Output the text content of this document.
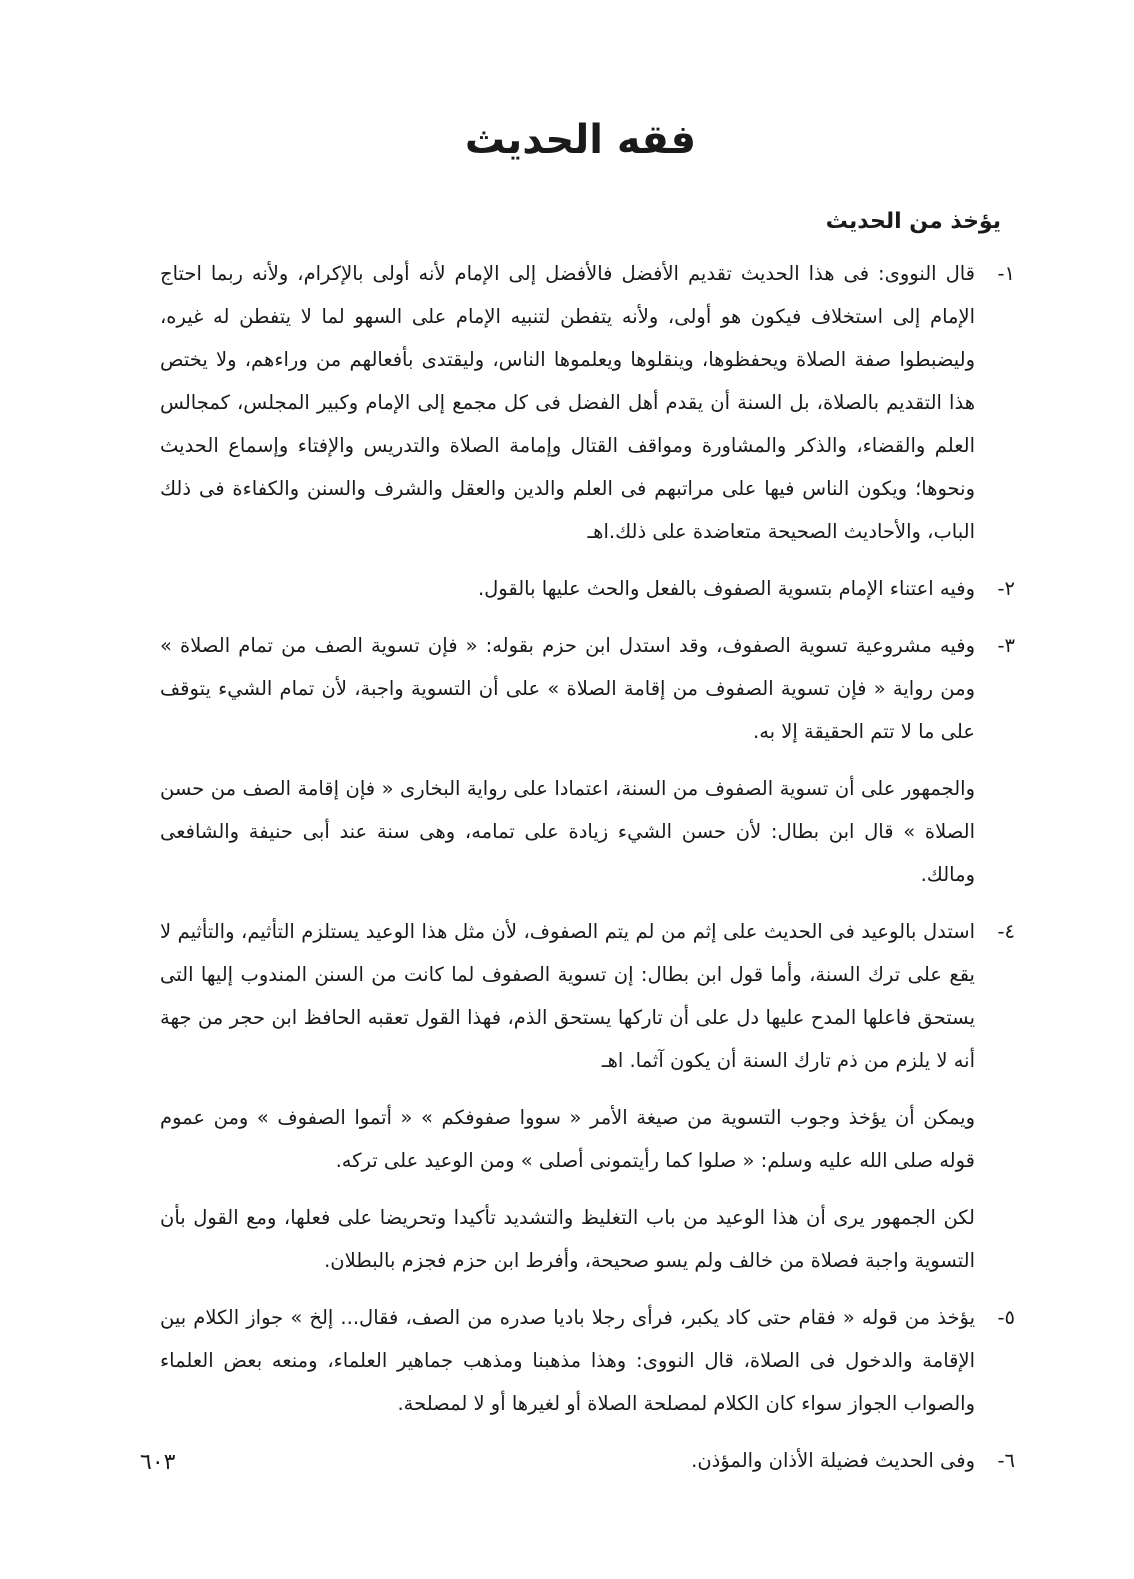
فقه الحديث
يؤخذ من الحديث
١-
قال النووى: فى هذا الحديث تقديم الأفضل فالأفضل إلى الإمام لأنه أولى بالإكرام، ولأنه ربما احتاج الإمام إلى استخلاف فيكون هو أولى، ولأنه يتفطن لتنبيه الإمام على السهو لما لا يتفطن له غيره، وليضبطوا صفة الصلاة ويحفظوها، وينقلوها ويعلموها الناس، وليقتدى بأفعالهم من وراءهم، ولا يختص هذا التقديم بالصلاة، بل السنة أن يقدم أهل الفضل فى كل مجمع إلى الإمام وكبير المجلس، كمجالس العلم والقضاء، والذكر والمشاورة ومواقف القتال وإمامة الصلاة والتدريس والإفتاء وإسماع الحديث ونحوها؛ ويكون الناس فيها على مراتبهم فى العلم والدين والعقل والشرف والسنن والكفاءة فى ذلك الباب، والأحاديث الصحيحة متعاضدة على ذلك.اهـ
٢-
وفيه اعتناء الإمام بتسوية الصفوف بالفعل والحث عليها بالقول.
٣-
وفيه مشروعية تسوية الصفوف، وقد استدل ابن حزم بقوله: « فإن تسوية الصف من تمام الصلاة » ومن رواية « فإن تسوية الصفوف من إقامة الصلاة » على أن التسوية واجبة، لأن تمام الشيء يتوقف على ما لا تتم الحقيقة إلا به.

والجمهور على أن تسوية الصفوف من السنة، اعتمادا على رواية البخارى « فإن إقامة الصف من حسن الصلاة » قال ابن بطال: لأن حسن الشيء زيادة على تمامه، وهى سنة عند أبى حنيفة والشافعى ومالك.

٤-
استدل بالوعيد فى الحديث على إثم من لم يتم الصفوف، لأن مثل هذا الوعيد يستلزم التأثيم، والتأثيم لا يقع على ترك السنة، وأما قول ابن بطال: إن تسوية الصفوف لما كانت من السنن المندوب إليها التى يستحق فاعلها المدح عليها دل على أن تاركها يستحق الذم، فهذا القول تعقبه الحافظ ابن حجر من جهة أنه لا يلزم من ذم تارك السنة أن يكون آثما. اهـ

ويمكن أن يؤخذ وجوب التسوية من صيغة الأمر « سووا صفوفكم » « أتموا الصفوف » ومن عموم قوله صلى الله عليه وسلم: « صلوا كما رأيتمونى أصلى » ومن الوعيد على تركه.

لكن الجمهور يرى أن هذا الوعيد من باب التغليظ والتشديد تأكيدا وتحريضا على فعلها، ومع القول بأن التسوية واجبة فصلاة من خالف ولم يسو صحيحة، وأفرط ابن حزم فجزم بالبطلان.

٥-
يؤخذ من قوله « فقام حتى كاد يكبر، فرأى رجلا باديا صدره من الصف، فقال... إلخ » جواز الكلام بين الإقامة والدخول فى الصلاة، قال النووى: وهذا مذهبنا ومذهب جماهير العلماء، ومنعه بعض العلماء والصواب الجواز سواء كان الكلام لمصلحة الصلاة أو لغيرها أو لا لمصلحة.
٦-
وفى الحديث فضيلة الأذان والمؤذن.
٦٠٣
